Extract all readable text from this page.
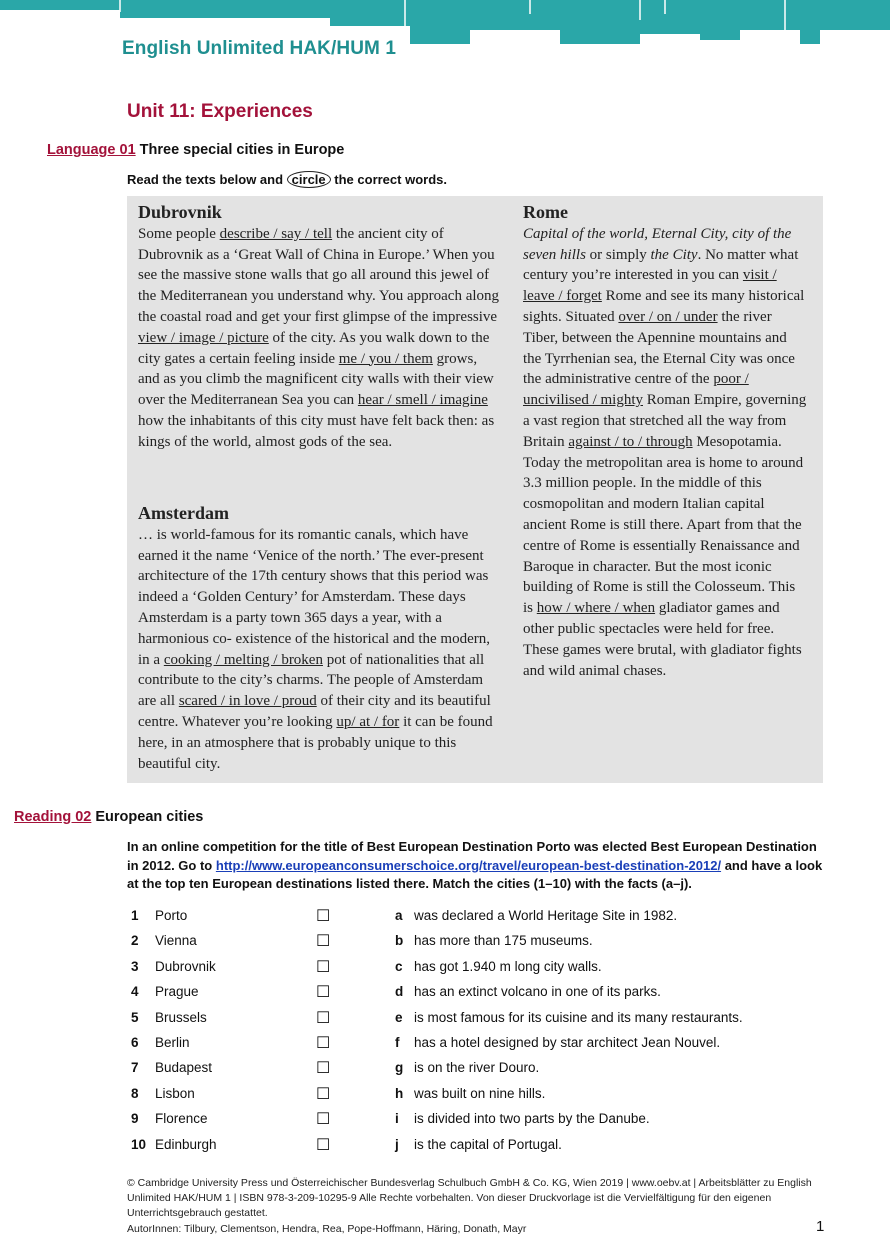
English Unlimited HAK/HUM 1
Unit 11: Experiences
Language 01 Three special cities in Europe
Read the texts below and circle the correct words.
Dubrovnik

Some people describe / say / tell the ancient city of Dubrovnik as a ‘Great Wall of China in Europe.’ When you see the massive stone walls that go all around this jewel of the Mediterranean you understand why. You approach along the coastal road and get your first glimpse of the impressive view / image / picture of the city. As you walk down to the city gates a certain feeling inside me / you / them grows, and as you climb the magnificent city walls with their view over the Mediterranean Sea you can hear / smell / imagine how the inhabitants of this city must have felt back then: as kings of the world, almost gods of the sea.

Amsterdam

… is world-famous for its romantic canals, which have earned it the name ‘Venice of the north.’ The ever-present architecture of the 17th century shows that this period was indeed a ‘Golden Century’ for Amsterdam. These days Amsterdam is a party town 365 days a year, with a harmonious co- existence of the historical and the modern, in a cooking / melting / broken pot of nationalities that all contribute to the city’s charms. The people of Amsterdam are all scared / in love / proud of their city and its beautiful centre. Whatever you’re looking up/ at / for it can be found here, in an atmosphere that is probably unique to this beautiful city.

Rome

Capital of the world, Eternal City, city of the seven hills or simply the City. No matter what century you’re interested in you can visit / leave / forget Rome and see its many historical sights. Situated over / on / under the river Tiber, between the Apennine mountains and the Tyrrhenian sea, the Eternal City was once the administrative centre of the poor / uncivilised / mighty Roman Empire, governing a vast region that stretched all the way from Britain against / to / through Mesopotamia. Today the metropolitan area is home to around 3.3 million people. In the middle of this cosmopolitan and modern Italian capital ancient Rome is still there. Apart from that the centre of Rome is essentially Renaissance and Baroque in character. But the most iconic building of Rome is still the Colosseum. This is how / where / when gladiator games and other public spectacles were held for free. These games were brutal, with gladiator fights and wild animal chases.

Reading 02 European cities
In an online competition for the title of Best European Destination Porto was elected Best European Destination in 2012. Go to http://www.europeanconsumerschoice.org/travel/european-best-destination-2012/ and have a look at the top ten European destinations listed there. Match the cities (1–10) with the facts (a–j).
1 Porto	☐	a was declared a World Heritage Site in 1982.
2 Vienna	☐	b has more than 175 museums.
3 Dubrovnik	☐	c has got 1.940 m long city walls.
4 Prague	☐	d has an extinct volcano in one of its parks.
5 Brussels	☐	e is most famous for its cuisine and its many restaurants.
6 Berlin	☐	f has a hotel designed by star architect Jean Nouvel.
7 Budapest	☐	g is on the river Douro.
8 Lisbon	☐	h was built on nine hills.
9 Florence	☐	i is divided into two parts by the Danube.
10 Edinburgh	☐	j is the capital of Portugal.
© Cambridge University Press und Österreichischer Bundesverlag Schulbuch GmbH & Co. KG, Wien 2019 | www.oebv.at | Arbeitsblätter zu English Unlimited HAK/HUM 1 | ISBN 978-3-209-10295-9 Alle Rechte vorbehalten. Von dieser Druckvorlage ist die Vervielfältigung für den eigenen Unterrichtsgebrauch gestattet.
AutorInnen: Tilbury, Clementson, Hendra, Rea, Pope-Hoffmann, Häring, Donath, Mayr	1
